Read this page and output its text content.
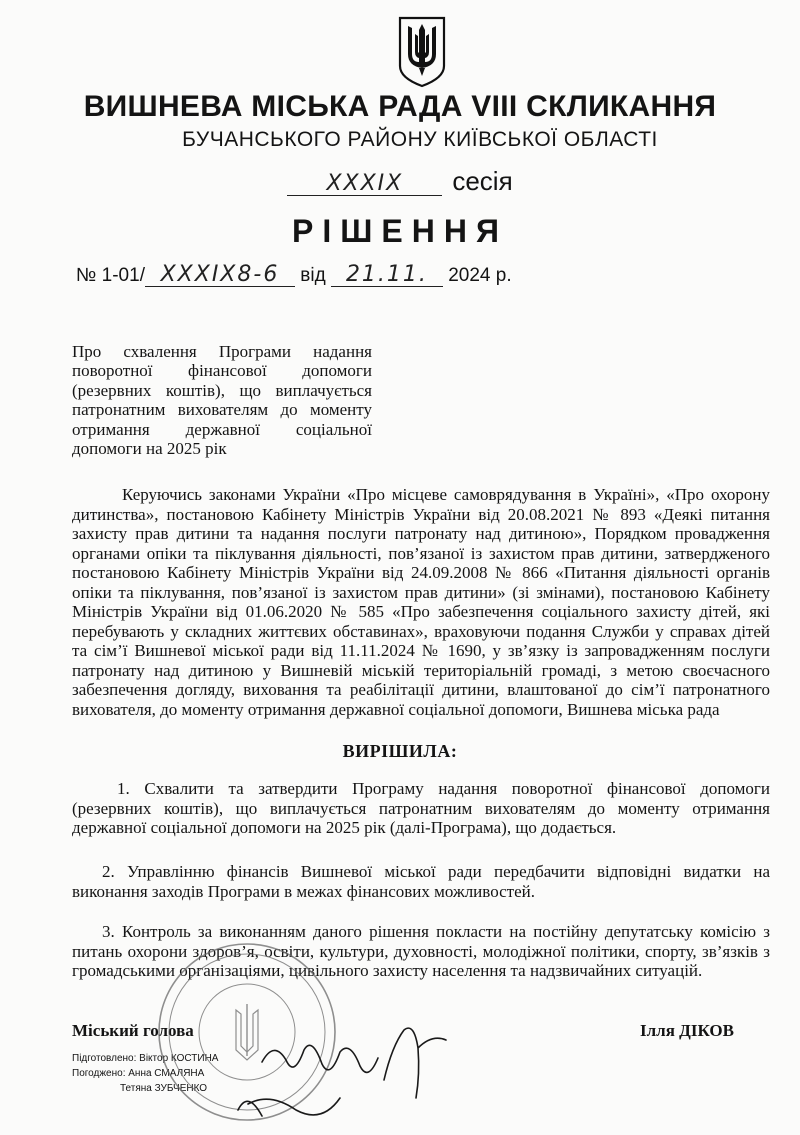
ВИШНЕВА МІСЬКА РАДА VIII СКЛИКАННЯ
БУЧАНСЬКОГО РАЙОНУ КИЇВСЬКОЇ ОБЛАСТІ
ХХХІХ сесія
РІШЕННЯ
№ 1-01/ XXXIX8-6 від 21.11. 2024 р.
Про схвалення Програми надання поворотної фінансової допомоги (резервних коштів), що виплачується патронатним вихователям до моменту отримання державної соціальної допомоги на 2025 рік
Керуючись законами України «Про місцеве самоврядування в Україні», «Про охорону дитинства», постановою Кабінету Міністрів України від 20.08.2021 № 893 «Деякі питання захисту прав дитини та надання послуги патронату над дитиною», Порядком провадження органами опіки та піклування діяльності, пов’язаної із захистом прав дитини, затвердженого постановою Кабінету Міністрів України від 24.09.2008 № 866 «Питання діяльності органів опіки та піклування, пов’язаної із захистом прав дитини» (зі змінами), постановою Кабінету Міністрів України від 01.06.2020 № 585 «Про забезпечення соціального захисту дітей, які перебувають у складних життєвих обставинах», враховуючи подання Служби у справах дітей та сім’ї Вишневої міської ради від 11.11.2024 № 1690, у зв’язку із запровадженням послуги патронату над дитиною у Вишневій міській територіальній громаді, з метою своєчасного забезпечення догляду, виховання та реабілітації дитини, влаштованої до сім’ї патронатного вихователя, до моменту отримання державної соціальної допомоги, Вишнева міська рада
ВИРІШИЛА:
1. Схвалити та затвердити Програму надання поворотної фінансової допомоги (резервних коштів), що виплачується патронатним вихователям до моменту отримання державної соціальної допомоги на 2025 рік (далі-Програма), що додається.
2. Управлінню фінансів Вишневої міської ради передбачити відповідні видатки на виконання заходів Програми в межах фінансових можливостей.
3. Контроль за виконанням даного рішення покласти на постійну депутатську комісію з питань охорони здоров’я, освіти, культури, духовності, молодіжної політики, спорту, зв’язків з громадськими організаціями, цивільного захисту населення та надзвичайних ситуацій.
Міський голова	Ілля ДІКОВ
Підготовлено: Віктор КОСТИНА
Погоджено: Анна СМАЛЯНА
Тетяна ЗУБЧЕНКО
